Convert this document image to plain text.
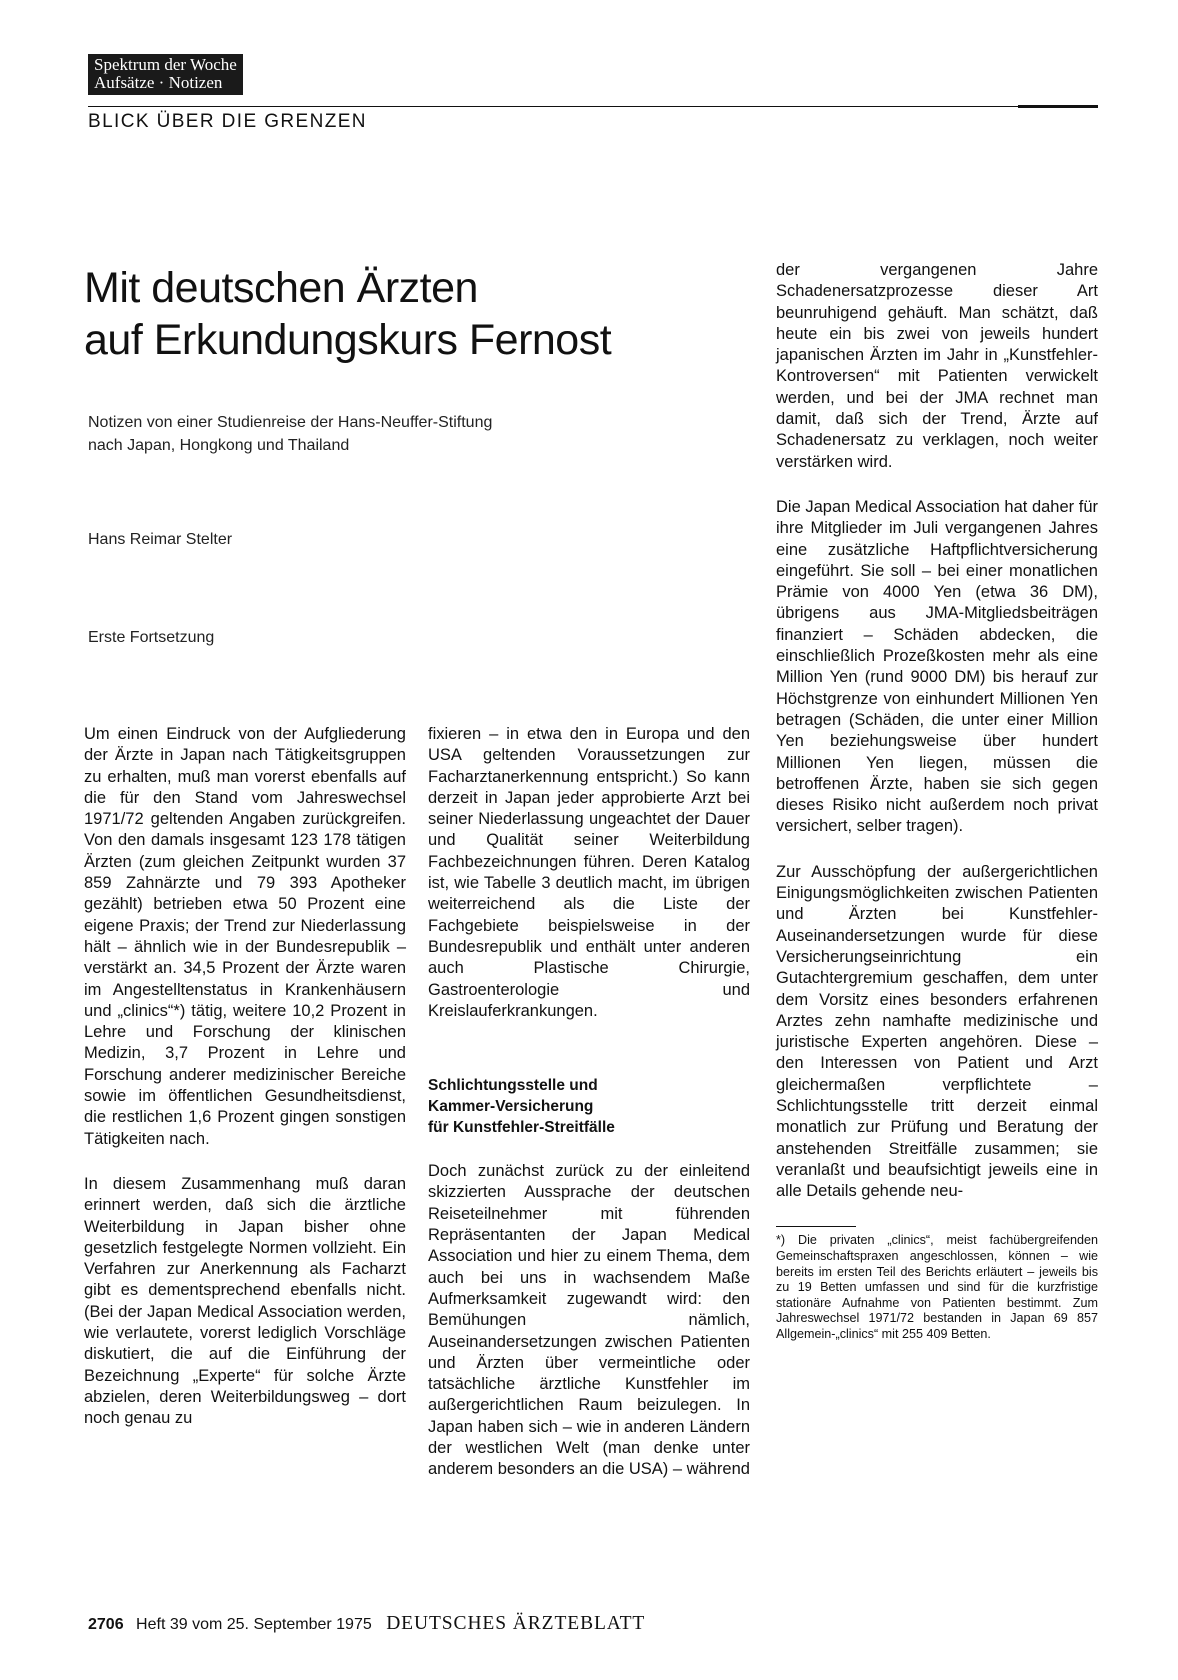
Spektrum der Woche
Aufsätze · Notizen
BLICK ÜBER DIE GRENZEN
Mit deutschen Ärzten
auf Erkundungskurs Fernost

Notizen von einer Studienreise der Hans-Neuffer-Stiftung
nach Japan, Hongkong und Thailand

Hans Reimar Stelter

Erste Fortsetzung

Um einen Eindruck von der Aufgliederung der Ärzte in Japan nach Tätigkeitsgruppen zu erhalten, muß man vorerst ebenfalls auf die für den Stand vom Jahreswechsel 1971/72 geltenden Angaben zurückgreifen. Von den damals insgesamt 123 178 tätigen Ärzten (zum gleichen Zeitpunkt wurden 37 859 Zahnärzte und 79 393 Apotheker gezählt) betrieben etwa 50 Prozent eine eigene Praxis; der Trend zur Niederlassung hält – ähnlich wie in der Bundesrepublik – verstärkt an. 34,5 Prozent der Ärzte waren im Angestelltenstatus in Krankenhäusern und „clinics“*) tätig, weitere 10,2 Prozent in Lehre und Forschung der klinischen Medizin, 3,7 Prozent in Lehre und Forschung anderer medizinischer Bereiche sowie im öffentlichen Gesundheitsdienst, die restlichen 1,6 Prozent gingen sonstigen Tätigkeiten nach.

In diesem Zusammenhang muß daran erinnert werden, daß sich die ärztliche Weiterbildung in Japan bisher ohne gesetzlich festgelegte Normen vollzieht. Ein Verfahren zur Anerkennung als Facharzt gibt es dementsprechend ebenfalls nicht. (Bei der Japan Medical Association werden, wie verlautete, vorerst lediglich Vorschläge diskutiert, die auf die Einführung der Bezeichnung „Experte“ für solche Ärzte abzielen, deren Weiterbildungsweg – dort noch genau zu

fixieren – in etwa den in Europa und den USA geltenden Voraussetzungen zur Facharztanerkennung entspricht.) So kann derzeit in Japan jeder approbierte Arzt bei seiner Niederlassung ungeachtet der Dauer und Qualität seiner Weiterbildung Fachbezeichnungen führen. Deren Katalog ist, wie Tabelle 3 deutlich macht, im übrigen weiterreichend als die Liste der Fachgebiete beispielsweise in der Bundesrepublik und enthält unter anderen auch Plastische Chirurgie, Gastroenterologie und Kreislauferkrankungen.

Schlichtungsstelle und
Kammer-Versicherung
für Kunstfehler-Streitfälle

Doch zunächst zurück zu der einleitend skizzierten Aussprache der deutschen Reiseteilnehmer mit führenden Repräsentanten der Japan Medical Association und hier zu einem Thema, dem auch bei uns in wachsendem Maße Aufmerksamkeit zugewandt wird: den Bemühungen nämlich, Auseinandersetzungen zwischen Patienten und Ärzten über vermeintliche oder tatsächliche ärztliche Kunstfehler im außergerichtlichen Raum beizulegen. In Japan haben sich – wie in anderen Ländern der westlichen Welt (man denke unter anderem besonders an die USA) – während

der vergangenen Jahre Schadenersatzprozesse dieser Art beunruhigend gehäuft. Man schätzt, daß heute ein bis zwei von jeweils hundert japanischen Ärzten im Jahr in „Kunstfehler-Kontroversen“ mit Patienten verwickelt werden, und bei der JMA rechnet man damit, daß sich der Trend, Ärzte auf Schadenersatz zu verklagen, noch weiter verstärken wird.

Die Japan Medical Association hat daher für ihre Mitglieder im Juli vergangenen Jahres eine zusätzliche Haftpflichtversicherung eingeführt. Sie soll – bei einer monatlichen Prämie von 4000 Yen (etwa 36 DM), übrigens aus JMA-Mitgliedsbeiträgen finanziert – Schäden abdecken, die einschließlich Prozeßkosten mehr als eine Million Yen (rund 9000 DM) bis herauf zur Höchstgrenze von einhundert Millionen Yen betragen (Schäden, die unter einer Million Yen beziehungsweise über hundert Millionen Yen liegen, müssen die betroffenen Ärzte, haben sie sich gegen dieses Risiko nicht außerdem noch privat versichert, selber tragen).

Zur Ausschöpfung der außergerichtlichen Einigungsmöglichkeiten zwischen Patienten und Ärzten bei Kunstfehler-Auseinandersetzungen wurde für diese Versicherungseinrichtung ein Gutachtergremium geschaffen, dem unter dem Vorsitz eines besonders erfahrenen Arztes zehn namhafte medizinische und juristische Experten angehören. Diese – den Interessen von Patient und Arzt gleichermaßen verpflichtete – Schlichtungsstelle tritt derzeit einmal monatlich zur Prüfung und Beratung der anstehenden Streitfälle zusammen; sie veranlaßt und beaufsichtigt jeweils eine in alle Details gehende neu-

*) Die privaten „clinics“, meist fachübergreifenden Gemeinschaftspraxen angeschlossen, können – wie bereits im ersten Teil des Berichts erläutert – jeweils bis zu 19 Betten umfassen und sind für die kurzfristige stationäre Aufnahme von Patienten bestimmt. Zum Jahreswechsel 1971/72 bestanden in Japan 69 857 Allgemein-„clinics“ mit 255 409 Betten.

2706 Heft 39 vom 25. September 1975 DEUTSCHES ÄRZTEBLATT
